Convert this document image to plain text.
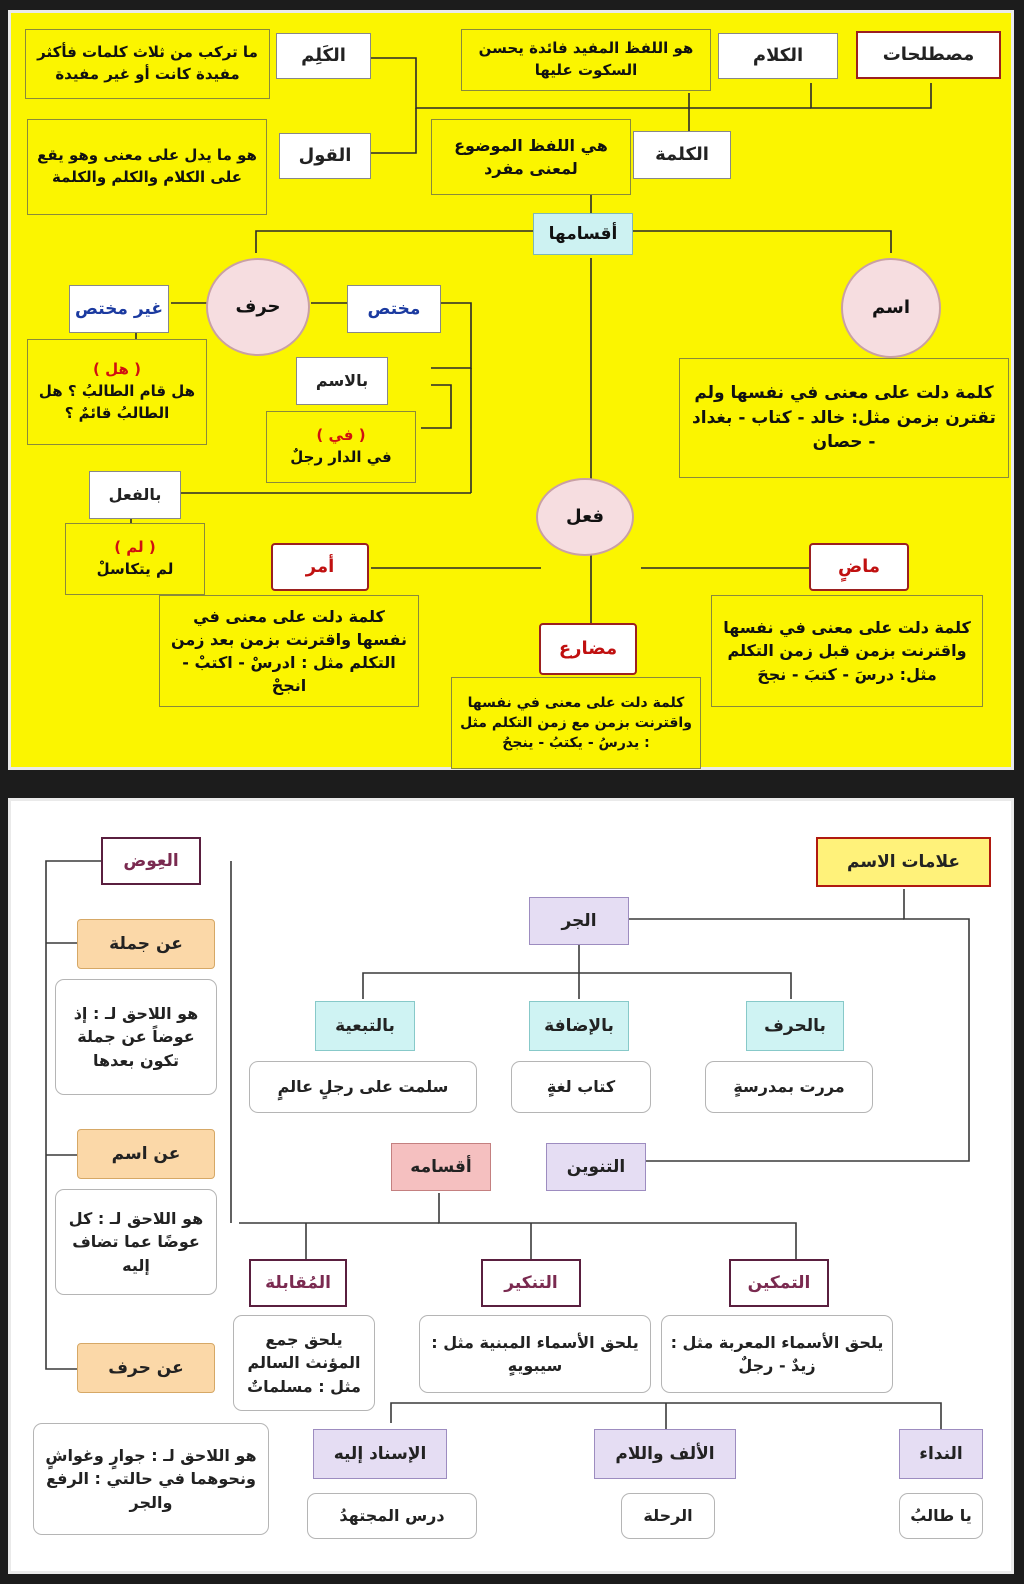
مصطلحات
الكلام
هو اللفظ المفيد فائدة يحسن السكوت عليها
الكَلِم
ما تركب من ثلاث كلمات فأكثر مفيدة كانت أو غير مفيدة
الكلمة
هي اللفظ الموضوع لمعنى مفرد
القول
هو ما يدل على معنى وهو يقع على الكلام والكلم والكلمة
أقسامها
اسم
كلمة دلت على معنى في نفسها ولم تقترن بزمن مثل: خالد - كتاب - بغداد - حصان
حرف	مختص
غير مختص
( هل )
هل قام الطالبُ ؟ هل الطالبُ قائمٌ ؟
بالاسم
( في )
في الدار رجلٌ
بالفعل
( لم )
لم يتكاسلْ
فعل
أمر
كلمة دلت على معنى في نفسها واقترنت بزمن بعد زمن التكلم مثل : ادرسْ - اكتبْ - انجحْ
ماضٍ
كلمة دلت على معنى في نفسها واقترنت بزمن قبل زمن التكلم مثل: درسَ - كتبَ - نجحَ
مضارع
كلمة دلت على معنى في نفسها واقترنت بزمن مع زمن التكلم مثل : يدرسُ - يكتبُ - ينجحُ
علامات الاسم
الجر
بالحرف
مررت بمدرسةٍ
بالإضافة
كتاب لغةٍ
بالتبعية
سلمت على رجلٍ عالمٍ
التنوين
أقسامه
التمكين
يلحق الأسماء المعربة مثل : زيدٌ - رجلٌ
التنكير
يلحق الأسماء المبنية مثل : سيبويهٍ
المُقابلة
يلحق جمع المؤنث السالم مثل : مسلماتٌ
العِوض
عن جملة
هو اللاحق لـ : إذ عوضاً عن جملة تكون بعدها
عن اسم
هو اللاحق لـ : كل عوضًا عما تضاف إليه
عن حرف
هو اللاحق لـ : جوارٍ وغواشٍ ونحوهما في حالتي : الرفع والجر
النداء
يا طالبُ
الألف واللام
الرحلة
الإسناد إليه
درس المجتهدُ
